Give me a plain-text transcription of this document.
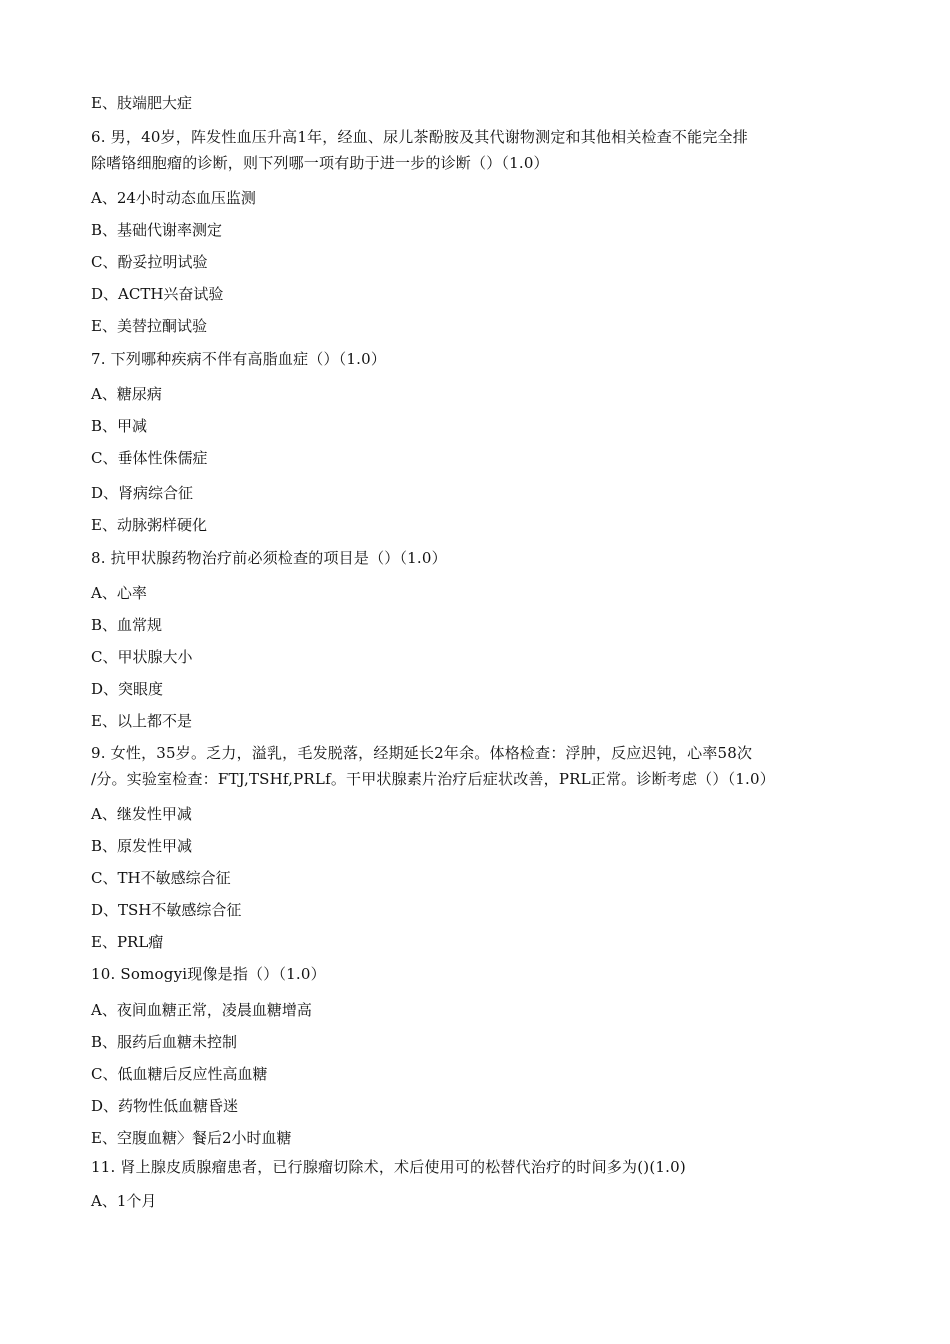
E、肢端肥大症

6. 男，40岁，阵发性血压升高1年，经血、尿儿茶酚胺及其代谢物测定和其他相关检查不能完全排

除嗜铬细胞瘤的诊断，则下列哪一项有助于进一步的诊断（）（1.0）

A、24小时动态血压监测

B、基础代谢率测定

C、酚妥拉明试验

D、ACTH兴奋试验

E、美替拉酮试验

7. 下列哪种疾病不伴有高脂血症（）（1.0）

A、糖尿病

B、甲减

C、垂体性侏儒症

D、肾病综合征

E、动脉粥样硬化

8. 抗甲状腺药物治疗前必须检查的项目是（）（1.0）

A、心率

B、血常规

C、甲状腺大小

D、突眼度

E、以上都不是

9. 女性，35岁。乏力，溢乳，毛发脱落，经期延长2年余。体格检查：浮肿，反应迟钝，心率58次

/分。实验室检查：FTJ,TSHf,PRLf。干甲状腺素片治疗后症状改善，PRL正常。诊断考虑（）（1.0）

A、继发性甲减

B、原发性甲减

C、TH不敏感综合征

D、TSH不敏感综合征

E、PRL瘤

10. Somogyi现像是指（）（1.0）

A、夜间血糖正常，凌晨血糖增高

B、服药后血糖未控制

C、低血糖后反应性高血糖

D、药物性低血糖昏迷

E、空腹血糖〉餐后2小时血糖

11. 肾上腺皮质腺瘤患者，已行腺瘤切除术，术后使用可的松替代治疗的时间多为()(1.0)

A、1个月
